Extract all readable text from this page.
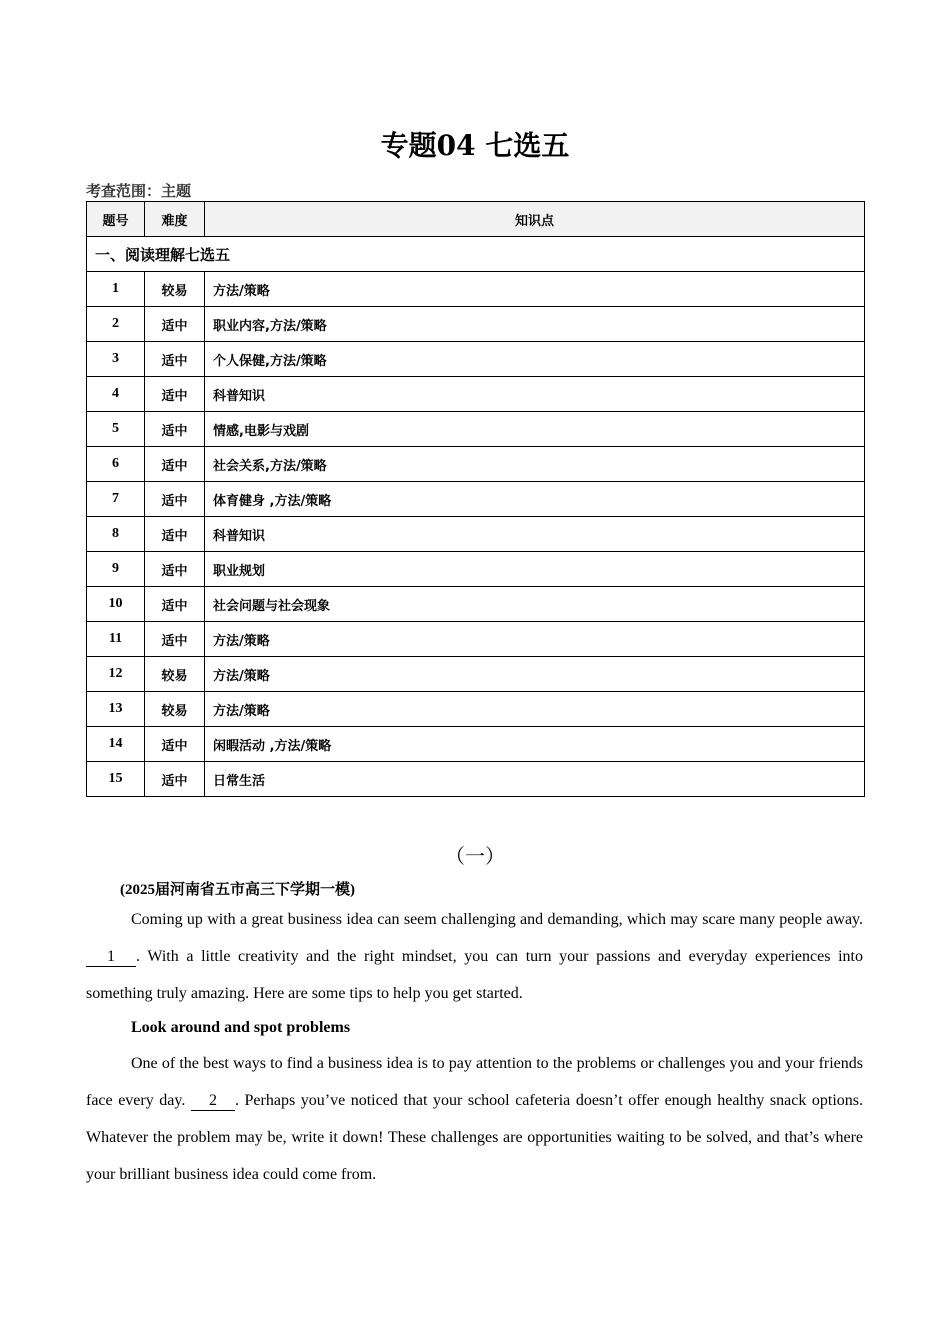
专题04 七选五
考查范围：主题
题号	难度	知识点
一、阅读理解七选五		
1	较易	方法/策略
2	适中	职业内容,方法/策略
3	适中	个人保健,方法/策略
4	适中	科普知识
5	适中	情感,电影与戏剧
6	适中	社会关系,方法/策略
7	适中	体育健身 ,方法/策略
8	适中	科普知识
9	适中	职业规划
10	适中	社会问题与社会现象
11	适中	方法/策略
12	较易	方法/策略
13	较易	方法/策略
14	适中	闲暇活动 ,方法/策略
15	适中	日常生活
（一）
(2025届河南省五市高三下学期一模)

Coming up with a great business idea can seem challenging and demanding, which may scare many people away. 1 . With a little creativity and the right mindset, you can turn your passions and everyday experiences into something truly amazing. Here are some tips to help you get started.

Look around and spot problems

One of the best ways to find a business idea is to pay attention to the problems or challenges you and your friends face every day. 2 . Perhaps you’ve noticed that your school cafeteria doesn’t offer enough healthy snack options. Whatever the problem may be, write it down! These challenges are opportunities waiting to be solved, and that’s where your brilliant business idea could come from.
